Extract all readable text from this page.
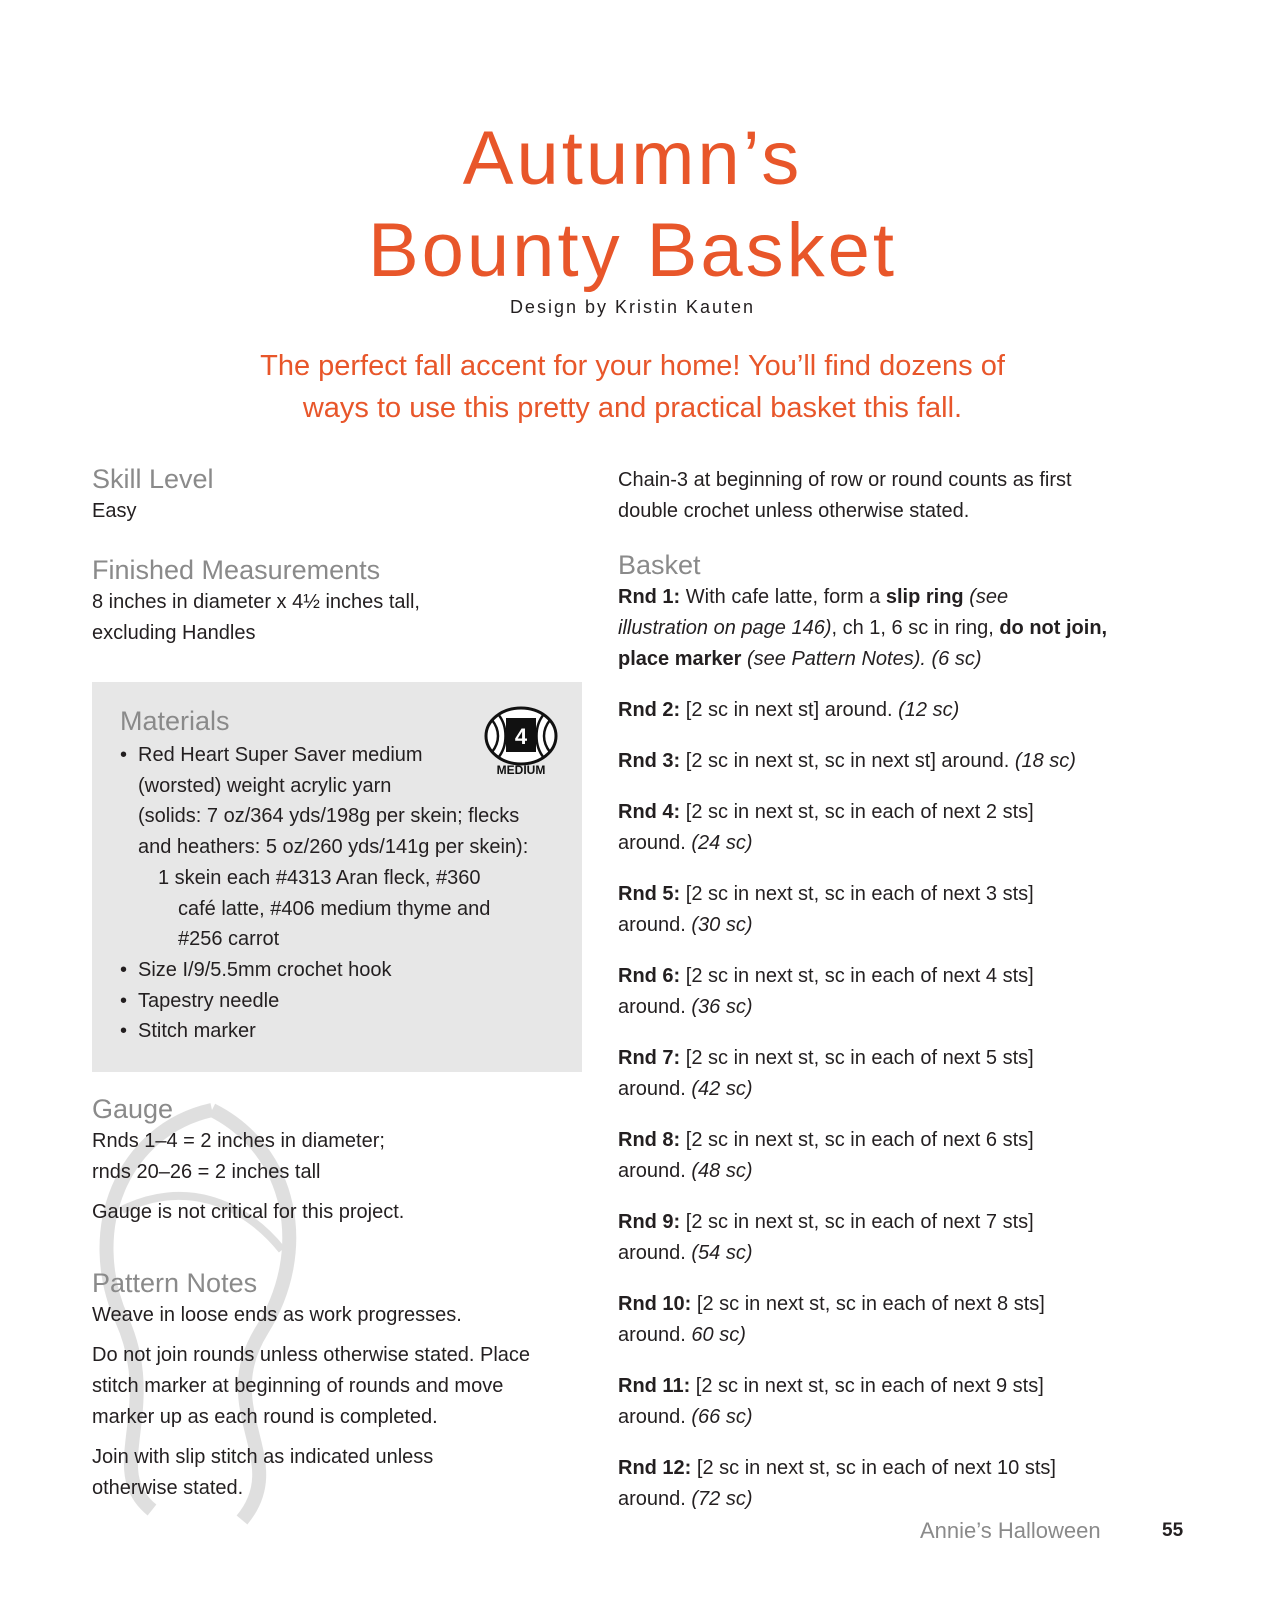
Autumn’s
Bounty Basket
Design by Kristin Kauten
The perfect fall accent for your home! You’ll find dozens of
ways to use this pretty and practical basket this fall.
Skill Level
Easy
Finished Measurements
8 inches in diameter x 4½ inches tall,
excluding Handles
Materials
4
MEDIUM
• Red Heart Super Saver medium
(worsted) weight acrylic yarn
(solids: 7 oz/364 yds/198g per skein; flecks
and heathers: 5 oz/260 yds/141g per skein):
1 skein each #4313 Aran fleck, #360
café latte, #406 medium thyme and
#256 carrot
• Size I/9/5.5mm crochet hook
• Tapestry needle
• Stitch marker
Gauge
Rnds 1–4 = 2 inches in diameter;
rnds 20–26 = 2 inches tall
Gauge is not critical for this project.
Pattern Notes
Weave in loose ends as work progresses.
Do not join rounds unless otherwise stated. Place
stitch marker at beginning of rounds and move
marker up as each round is completed.
Join with slip stitch as indicated unless
otherwise stated.
Chain-3 at beginning of row or round counts as first
double crochet unless otherwise stated.
Basket
Rnd 1: With cafe latte, form a slip ring (see
illustration on page 146), ch 1, 6 sc in ring, do not join,
place marker (see Pattern Notes). (6 sc)
Rnd 2: [2 sc in next st] around. (12 sc)
Rnd 3: [2 sc in next st, sc in next st] around. (18 sc)
Rnd 4: [2 sc in next st, sc in each of next 2 sts]
around. (24 sc)
Rnd 5: [2 sc in next st, sc in each of next 3 sts]
around. (30 sc)
Rnd 6: [2 sc in next st, sc in each of next 4 sts]
around. (36 sc)
Rnd 7: [2 sc in next st, sc in each of next 5 sts]
around. (42 sc)
Rnd 8: [2 sc in next st, sc in each of next 6 sts]
around. (48 sc)
Rnd 9: [2 sc in next st, sc in each of next 7 sts]
around. (54 sc)
Rnd 10: [2 sc in next st, sc in each of next 8 sts]
around. 60 sc)
Rnd 11: [2 sc in next st, sc in each of next 9 sts]
around. (66 sc)
Rnd 12: [2 sc in next st, sc in each of next 10 sts]
around. (72 sc)
Annie’s Halloween	55
